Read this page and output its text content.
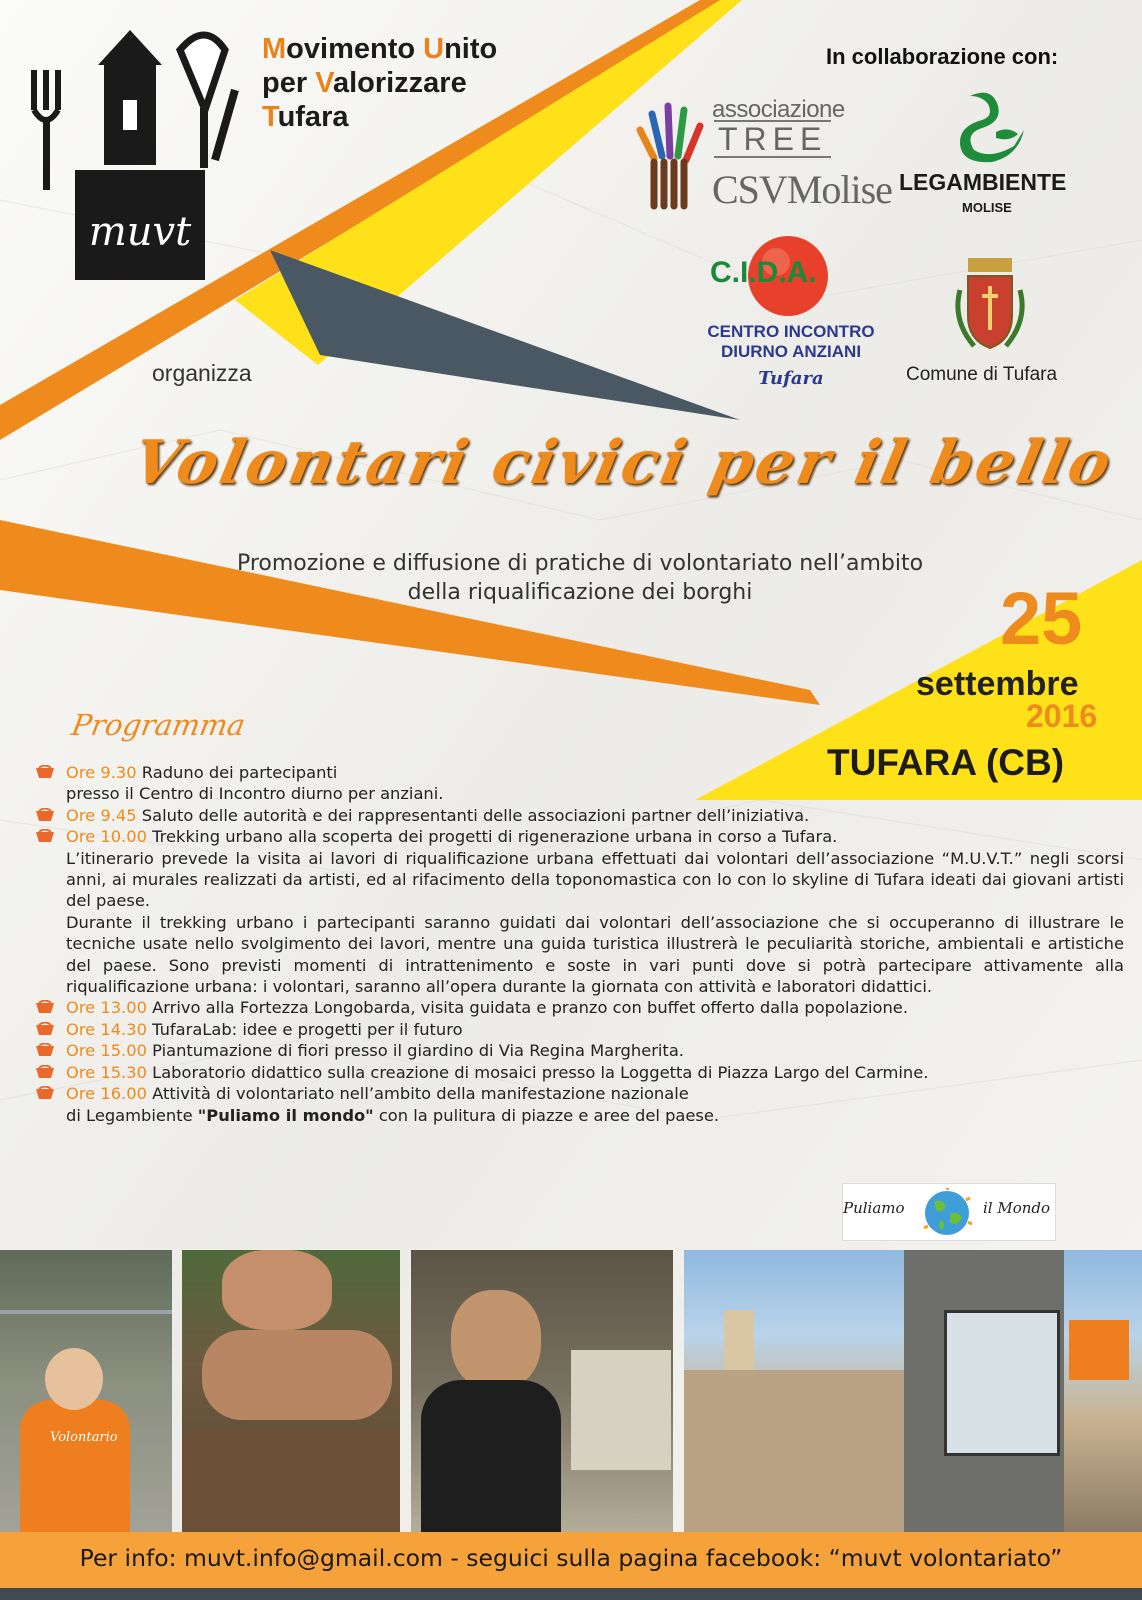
muvt
Movimento Unito
per Valorizzare
Tufara
organizza
In collaborazione con:
associazione
TREE
CSVMolise LEGAMBIENTE
MOLISE
C.I.D.A.
CENTRO INCONTRO
DIURNO ANZIANI
Tufara	Comune di Tufara
Volontari civici per il bello
Promozione e diffusione di pratiche di volontariato nell’ambito
della riqualificazione dei borghi	25
settembre
2016
TUFARA (CB)
Programma
Ore 9.30 Raduno dei partecipanti
presso il Centro di Incontro diurno per anziani.
Ore 9.45 Saluto delle autorità e dei rappresentanti delle associazioni partner dell’iniziativa.
Ore 10.00 Trekking urbano alla scoperta dei progetti di rigenerazione urbana in corso a Tufara.
L’itinerario prevede la visita ai lavori di riqualificazione urbana effettuati dai volontari dell’associazione “M.U.V.T.” negli scorsi anni, ai murales realizzati da artisti, ed al rifacimento della toponomastica con lo con lo skyline di Tufara ideati dai giovani artisti del paese.
Durante il trekking urbano i partecipanti saranno guidati dai volontari dell’associazione che si occuperanno di illustrare le tecniche usate nello svolgimento dei lavori, mentre una guida turistica illustrerà le peculiarità storiche, ambientali e artistiche del paese. Sono previsti momenti di intrattenimento e soste in vari punti dove si potrà partecipare attivamente alla riqualificazione urbana: i volontari, saranno all’opera durante la giornata con attività e laboratori didattici.
Ore 13.00 Arrivo alla Fortezza Longobarda, visita guidata e pranzo con buffet offerto dalla popolazione.
Ore 14.30 TufaraLab: idee e progetti per il futuro
Ore 15.00 Piantumazione di fiori presso il giardino di Via Regina Margherita.
Ore 15.30 Laboratorio didattico sulla creazione di mosaici presso la Loggetta di Piazza Largo del Carmine.
Ore 16.00 Attività di volontariato nell’ambito della manifestazione nazionale
di Legambiente "Puliamo il mondo" con la pulitura di piazze e aree del paese.
Puliamo	il Mondo
Volontario
Per info: muvt.info@gmail.com - seguici sulla pagina facebook: “muvt volontariato”
